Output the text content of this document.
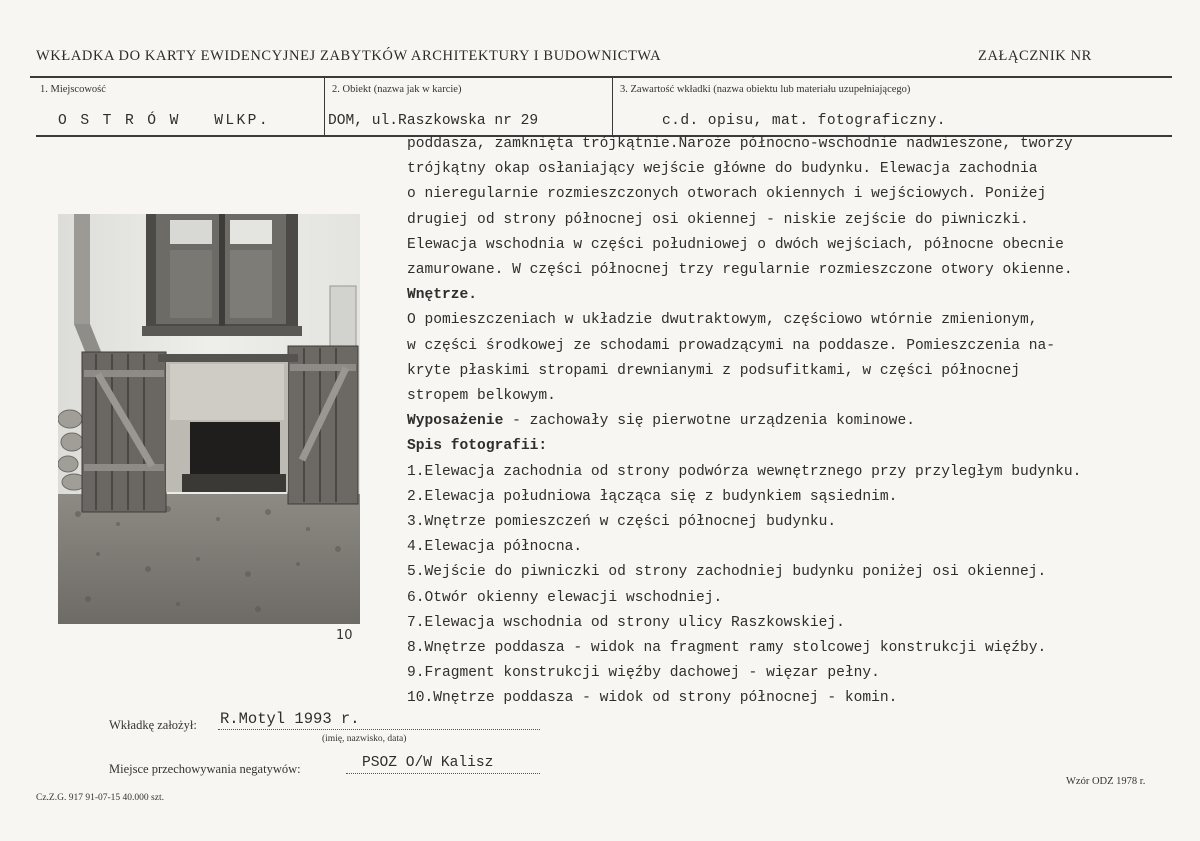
WKŁADKA DO KARTY EWIDENCYJNEJ ZABYTKÓW ARCHITEKTURY I BUDOWNICTWA	ZAŁĄCZNIK NR
1. Miejscowość	2. Obiekt (nazwa jak w karcie)	3. Zawartość wkładki (nazwa obiektu lub materiału uzupełniającego)
O S T R Ó W   WLKP.	DOM, ul.Raszkowska nr 29	c.d. opisu, mat. fotograficzny.
poddasza, zamknięta trójkątnie.Naroże północno-wschodnie nadwieszone, tworzy
trójkątny okap osłaniający wejście główne do budynku. Elewacja zachodnia
o nieregularnie rozmieszczonych otworach okiennych i wejściowych. Poniżej
drugiej od strony północnej osi okiennej - niskie zejście do piwniczki.
Elewacja wschodnia w części południowej o dwóch wejściach, północne obecnie
zamurowane. W części północnej trzy regularnie rozmieszczone otwory okienne.
Wnętrze.
O pomieszczeniach w układzie dwutraktowym, częściowo wtórnie zmienionym,
w części środkowej ze schodami prowadzącymi na poddasze. Pomieszczenia na-
kryte płaskimi stropami drewnianymi z podsufitkami, w części północnej
stropem belkowym.
Wyposażenie - zachowały się pierwotne urządzenia kominowe.
Spis fotografii:
1.Elewacja zachodnia od strony podwórza wewnętrznego przy przyległym budynku.
2.Elewacja południowa łącząca się z budynkiem sąsiednim.
3.Wnętrze pomieszczeń w części północnej budynku.
4.Elewacja północna.
5.Wejście do piwniczki od strony zachodniej budynku poniżej osi okiennej.
6.Otwór okienny elewacji wschodniej.
7.Elewacja wschodnia od strony ulicy Raszkowskiej.
8.Wnętrze poddasza - widok na fragment ramy stolcowej konstrukcji więźby.
9.Fragment konstrukcji więźby dachowej - więzar pełny.
10.Wnętrze poddasza - widok od strony północnej - komin.
10
Wkładkę założył: R.Motyl 1993 r.
(imię, nazwisko, data)
Miejsce przechowywania negatywów:	PSOZ O/W Kalisz
Cz.Z.G. 917 91-07-15 40.000 szt.
Wzór ODZ 1978 r.
